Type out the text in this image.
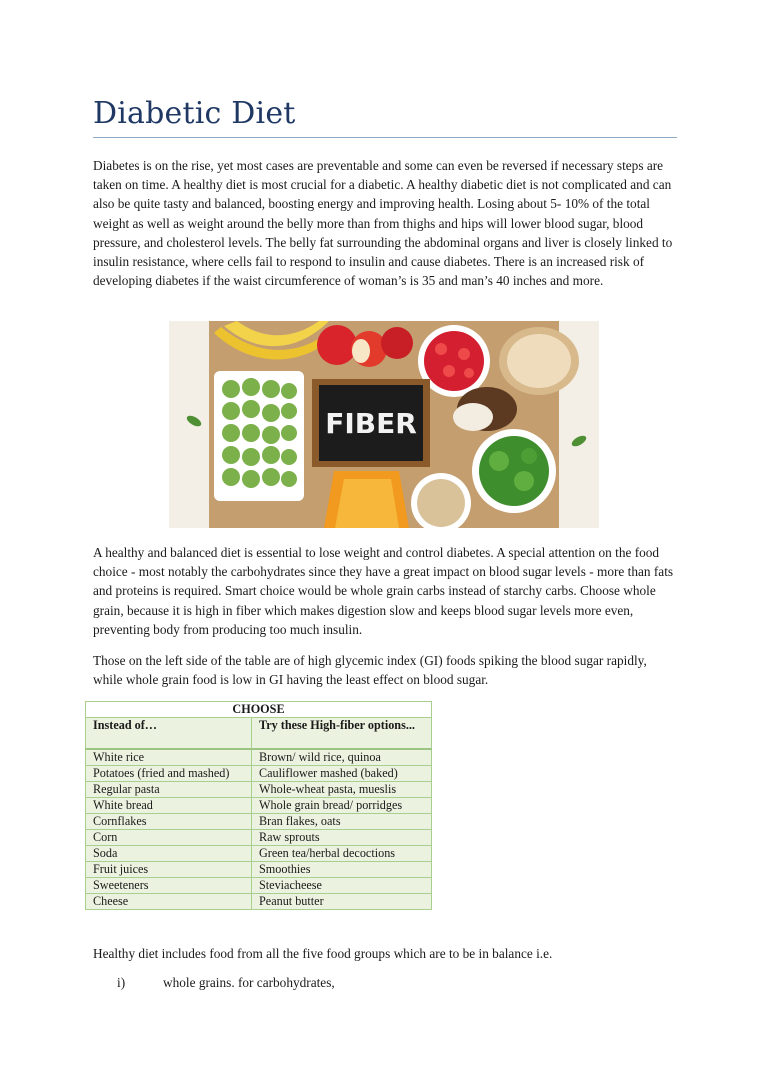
Diabetic Diet

Diabetes is on the rise, yet most cases are preventable and some can even be reversed if necessary steps are taken on time. A healthy diet is most crucial for a diabetic. A healthy diabetic diet is not complicated and can also be quite tasty and balanced, boosting energy and improving health. Losing about 5- 10% of the total weight as well as weight around the belly more than from thighs and hips will lower blood sugar, blood pressure, and cholesterol levels. The belly fat surrounding the abdominal organs and liver is closely linked to insulin resistance, where cells fail to respond to insulin and cause diabetes. There is an increased risk of developing diabetes if the waist circumference of woman’s is 35 and man’s 40 inches and more.

FIBER

A healthy and balanced diet is essential to lose weight and control diabetes. A special attention on the food choice - most notably the carbohydrates since they have a great impact on blood sugar levels - more than fats and proteins is required. Smart choice would be whole grain carbs instead of starchy carbs. Choose whole grain, because it is high in fiber which makes digestion slow and keeps blood sugar levels more even, preventing body from producing too much insulin.

Those on the left side of the table are of high glycemic index (GI) foods spiking the blood sugar rapidly, while whole grain food is low in GI having the least effect on blood sugar.

CHOOSE	
Instead of…	Try these High-fiber options...
White rice	Brown/ wild rice, quinoa
Potatoes (fried and mashed)	Cauliflower mashed (baked)
Regular pasta	Whole-wheat pasta, mueslis
White bread	Whole grain bread/ porridges
Cornflakes	Bran flakes, oats
Corn	Raw sprouts
Soda	Green tea/herbal decoctions
Fruit juices	Smoothies
Sweeteners	Steviacheese
Cheese	Peanut butter

Healthy diet includes food from all the five food groups which are to be in balance i.e.

i)	whole grains. for carbohydrates,
